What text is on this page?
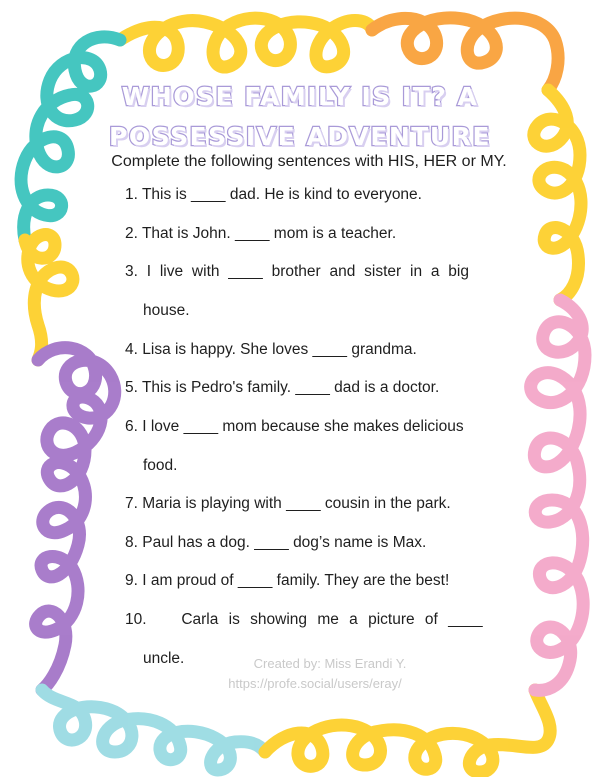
WHOSE FAMILY IS IT? A
POSSESSIVE ADVENTURE
Complete the following sentences with HIS, HER or MY.
1. This is ____ dad. He is kind to everyone.
2. That is John. ____ mom is a teacher.
3. I live with ____ brother and sister in a big
house.
4. Lisa is happy. She loves ____ grandma.
5. This is Pedro's family. ____ dad is a doctor.
6. I love ____ mom because she makes delicious
food.
7. Maria is playing with ____ cousin in the park.
8. Paul has a dog. ____ dog’s name is Max.
9. I am proud of ____ family. They are the best!
10. Carla is showing me a picture of ____
uncle.	Created by: Miss Erandi Y.
https://profe.social/users/eray/
